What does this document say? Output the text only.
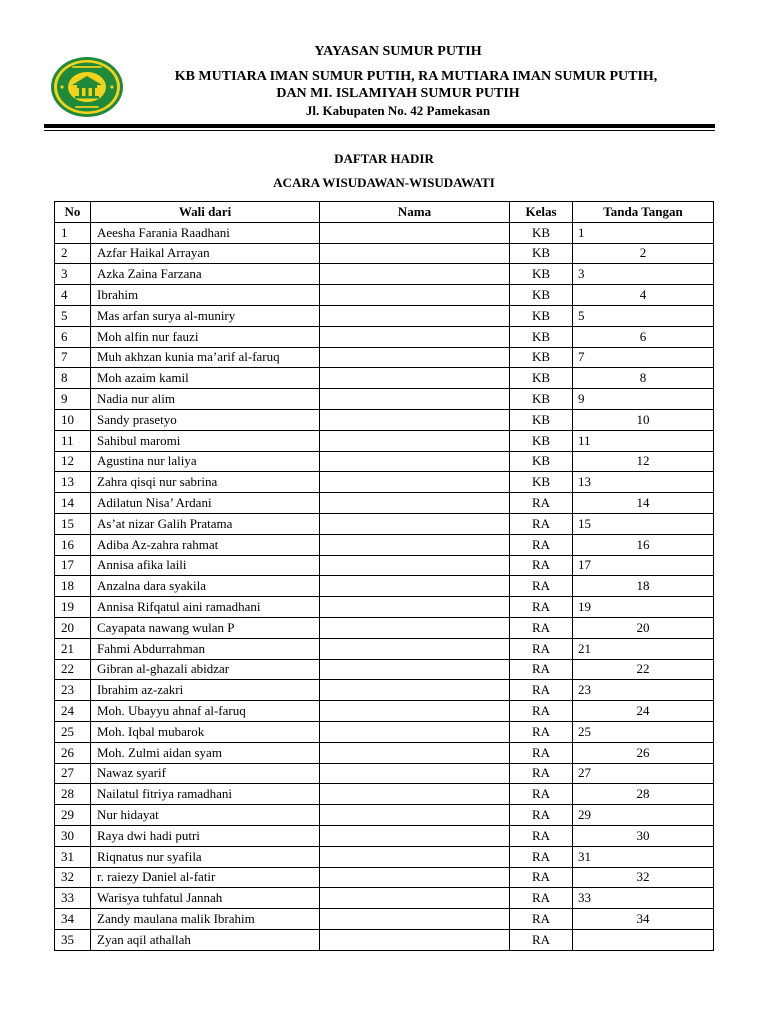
YAYASAN SUMUR PUTIHPAMEKASAN	YAYASAN SUMUR PUTIH
KB MUTIARA IMAN SUMUR PUTIH, RA MUTIARA IMAN SUMUR PUTIH,
DAN MI. ISLAMIYAH SUMUR PUTIH
Jl. Kabupaten No. 42 Pamekasan
DAFTAR HADIR
ACARA WISUDAWAN-WISUDAWATI
No	Wali dari	Nama	Kelas	Tanda Tangan
1	Aeesha Farania Raadhani		KB	1
2	Azfar Haikal Arrayan		KB	2
3	Azka Zaina Farzana		KB	3
4	Ibrahim		KB	4
5	Mas arfan surya al-muniry		KB	5
6	Moh alfin nur fauzi		KB	6
7	Muh akhzan kunia ma’arif al-faruq		KB	7
8	Moh azaim kamil		KB	8
9	Nadia nur alim		KB	9
10	Sandy prasetyo		KB	10
11	Sahibul maromi		KB	11
12	Agustina nur laliya		KB	12
13	Zahra qisqi nur sabrina		KB	13
14	Adilatun Nisa’ Ardani		RA	14
15	As’at nizar Galih Pratama		RA	15
16	Adiba Az-zahra rahmat		RA	16
17	Annisa afika laili		RA	17
18	Anzalna dara syakila		RA	18
19	Annisa Rifqatul aini ramadhani		RA	19
20	Cayapata nawang wulan P		RA	20
21	Fahmi Abdurrahman		RA	21
22	Gibran al-ghazali abidzar		RA	22
23	Ibrahim az-zakri		RA	23
24	Moh. Ubayyu ahnaf al-faruq		RA	24
25	Moh. Iqbal mubarok		RA	25
26	Moh. Zulmi aidan syam		RA	26
27	Nawaz syarif		RA	27
28	Nailatul fitriya ramadhani		RA	28
29	Nur hidayat		RA	29
30	Raya dwi hadi putri		RA	30
31	Riqnatus nur syafila		RA	31
32	r. raiezy Daniel al-fatir		RA	32
33	Warisya tuhfatul Jannah		RA	33
34	Zandy maulana malik Ibrahim		RA	34
35	Zyan aqil athallah		RA	
